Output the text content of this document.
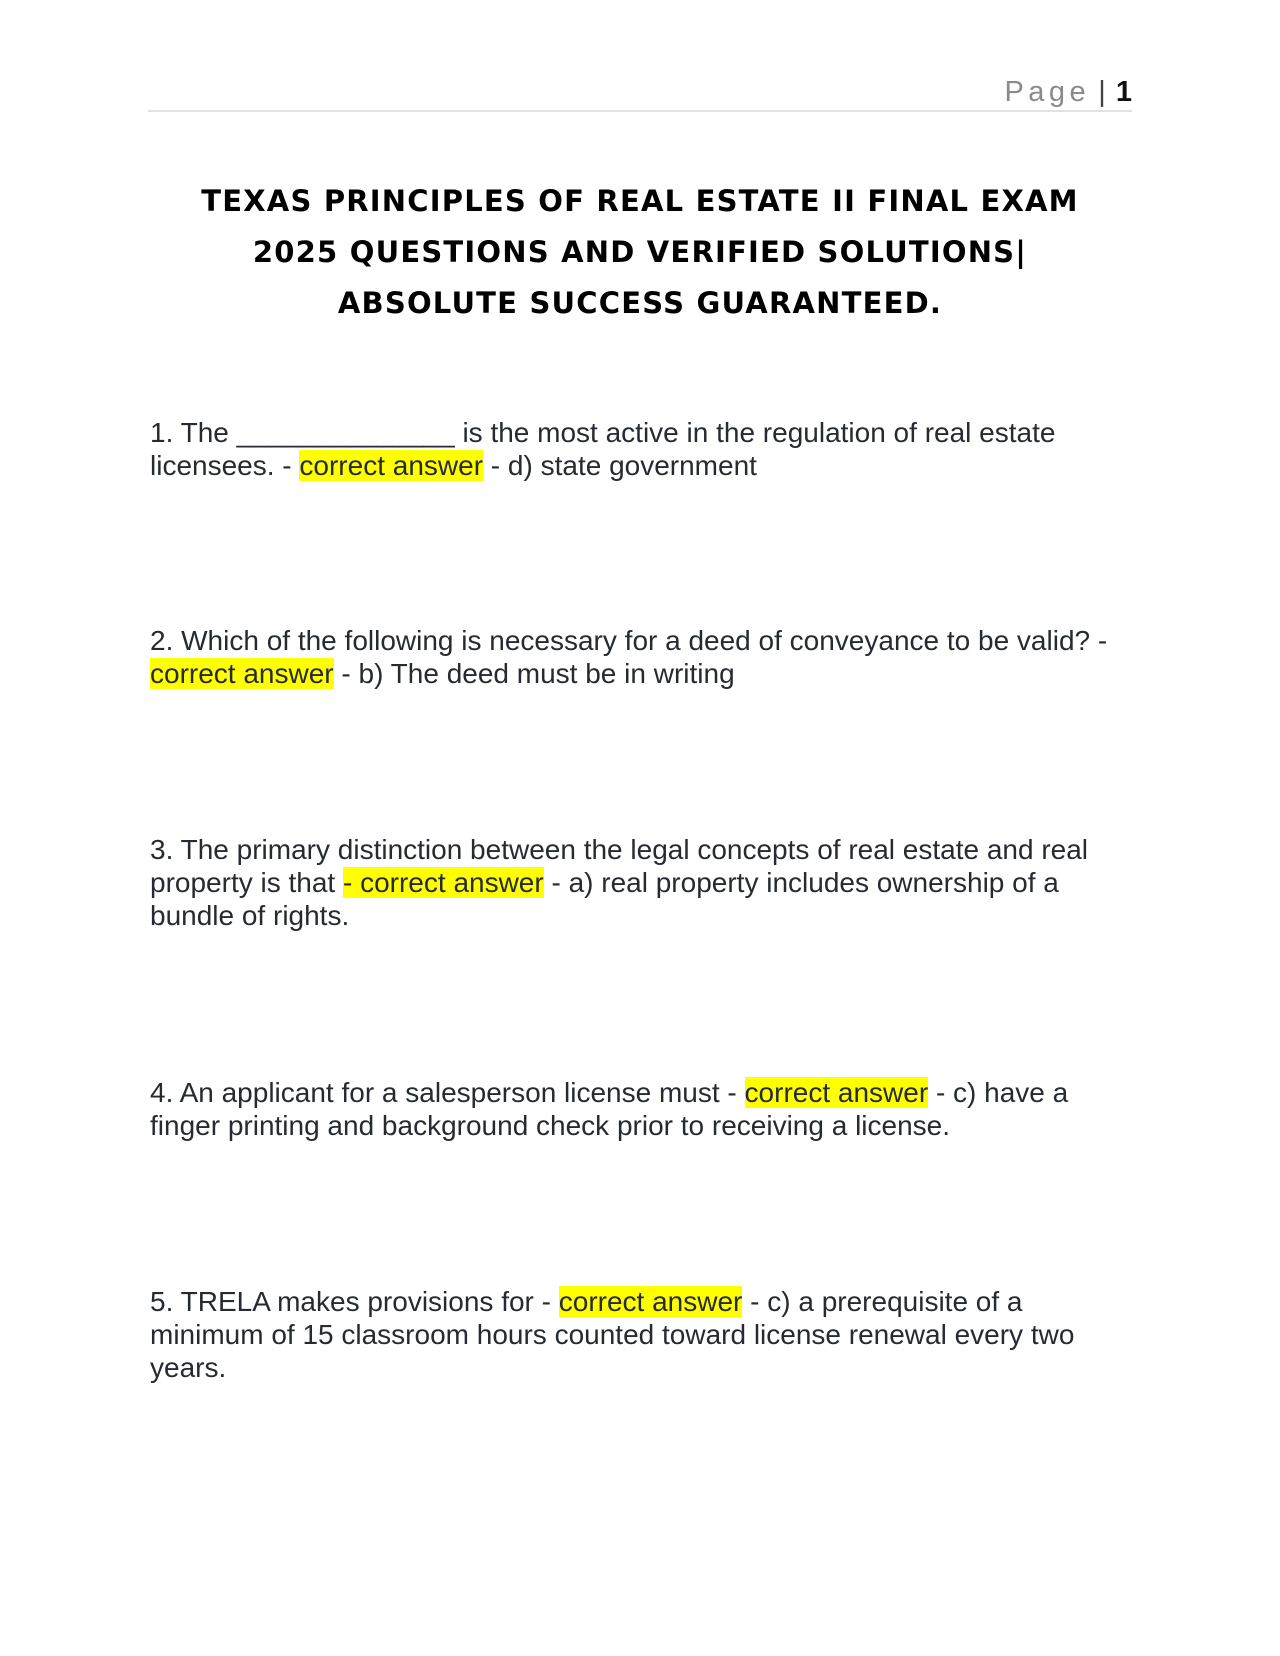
Page | 1
TEXAS PRINCIPLES OF REAL ESTATE II FINAL EXAM
2025 QUESTIONS AND VERIFIED SOLUTIONS|
ABSOLUTE SUCCESS GUARANTEED.

1. The ______________ is the most active in the regulation of real estate licensees. - correct answer - d) state government

2. Which of the following is necessary for a deed of conveyance to be valid? - correct answer - b) The deed must be in writing

3. The primary distinction between the legal concepts of real estate and real property is that - correct answer - a) real property includes ownership of a bundle of rights.

4. An applicant for a salesperson license must - correct answer - c) have a finger printing and background check prior to receiving a license.

5. TRELA makes provisions for - correct answer - c) a prerequisite of a minimum of 15 classroom hours counted toward license renewal every two years.
